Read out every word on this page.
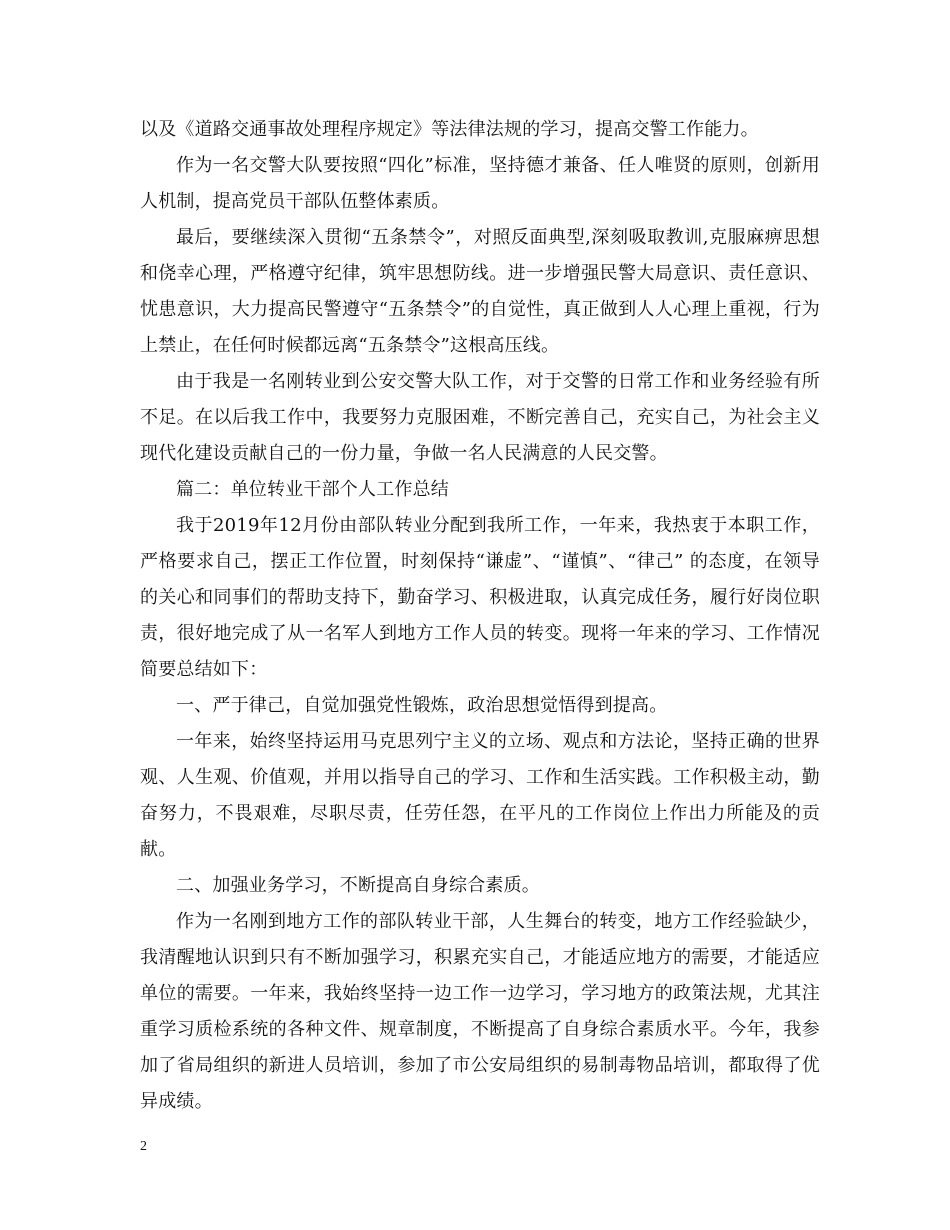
以及《道路交通事故处理程序规定》等法律法规的学习，提高交警工作能力。

作为一名交警大队要按照“四化”标准，坚持德才兼备、任人唯贤的原则，创新用人机制，提高党员干部队伍整体素质。

最后，要继续深入贯彻“五条禁令”，对照反面典型,深刻吸取教训,克服麻痹思想和侥幸心理，严格遵守纪律，筑牢思想防线。进一步增强民警大局意识、责任意识、忧患意识，大力提高民警遵守“五条禁令”的自觉性，真正做到人人心理上重视，行为上禁止，在任何时候都远离“五条禁令”这根高压线。

由于我是一名刚转业到公安交警大队工作，对于交警的日常工作和业务经验有所不足。在以后我工作中，我要努力克服困难，不断完善自己，充实自己，为社会主义现代化建设贡献自己的一份力量，争做一名人民满意的人民交警。

篇二：单位转业干部个人工作总结

我于2019年12月份由部队转业分配到我所工作，一年来，我热衷于本职工作，严格要求自己，摆正工作位置，时刻保持“谦虚”、“谨慎”、“律己” 的态度，在领导的关心和同事们的帮助支持下，勤奋学习、积极进取，认真完成任务，履行好岗位职责，很好地完成了从一名军人到地方工作人员的转变。现将一年来的学习、工作情况简要总结如下：

一、严于律己，自觉加强党性锻炼，政治思想觉悟得到提高。

一年来，始终坚持运用马克思列宁主义的立场、观点和方法论，坚持正确的世界观、人生观、价值观，并用以指导自己的学习、工作和生活实践。工作积极主动，勤奋努力，不畏艰难，尽职尽责，任劳任怨，在平凡的工作岗位上作出力所能及的贡献。

二、加强业务学习，不断提高自身综合素质。

作为一名刚到地方工作的部队转业干部，人生舞台的转变，地方工作经验缺少，我清醒地认识到只有不断加强学习，积累充实自己，才能适应地方的需要，才能适应单位的需要。一年来，我始终坚持一边工作一边学习，学习地方的政策法规，尤其注重学习质检系统的各种文件、规章制度，不断提高了自身综合素质水平。今年，我参加了省局组织的新进人员培训，参加了市公安局组织的易制毒物品培训，都取得了优异成绩。

2
